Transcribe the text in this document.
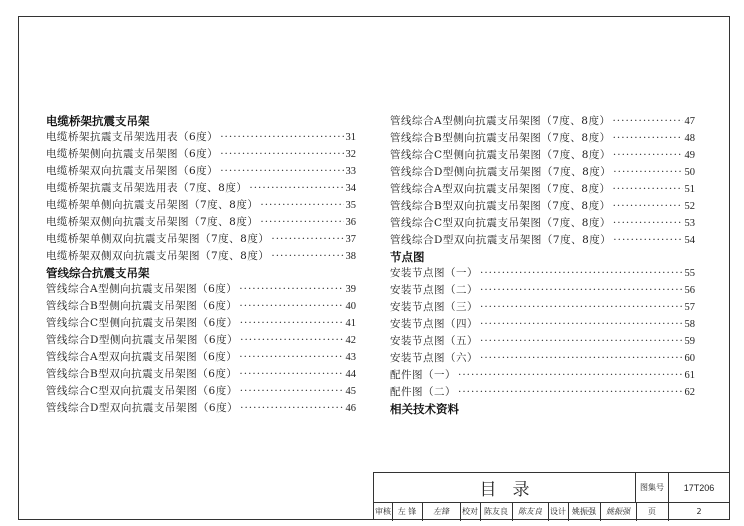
电缆桥架抗震支吊架
电缆桥架抗震支吊架选用表（6度） ·····	31
电缆桥架侧向抗震支吊架图（6度） ·····	32
电缆桥架双向抗震支吊架图（6度） ·····	33
电缆桥架抗震支吊架选用表（7度、8度） ·····	34
电缆桥架单侧向抗震支吊架图（7度、8度） ·····	35
电缆桥架双侧向抗震支吊架图（7度、8度） ·····	36
电缆桥架单侧双向抗震支吊架图（7度、8度） ·····	37
电缆桥架双侧双向抗震支吊架图（7度、8度） ·····	38
管线综合抗震支吊架
管线综合A型侧向抗震支吊架图（6度） ·····	39
管线综合B型侧向抗震支吊架图（6度） ·····	40
管线综合C型侧向抗震支吊架图（6度） ·····	41
管线综合D型侧向抗震支吊架图（6度） ·····	42
管线综合A型双向抗震支吊架图（6度） ·····	43
管线综合B型双向抗震支吊架图（6度） ·····	44
管线综合C型双向抗震支吊架图（6度） ·····	45
管线综合D型双向抗震支吊架图（6度） ·····	46
管线综合A型侧向抗震支吊架图（7度、8度） ·····	47
管线综合B型侧向抗震支吊架图（7度、8度） ·····	48
管线综合C型侧向抗震支吊架图（7度、8度） ·····	49
管线综合D型侧向抗震支吊架图（7度、8度） ·····	50
管线综合A型双向抗震支吊架图（7度、8度） ·····	51
管线综合B型双向抗震支吊架图（7度、8度） ·····	52
管线综合C型双向抗震支吊架图（7度、8度） ·····	53
管线综合D型双向抗震支吊架图（7度、8度） ·····	54
节点图
安装节点图（一） ·····	55
安装节点图（二） ·····	56
安装节点图（三） ·····	57
安装节点图（四） ·····	58
安装节点图（五） ·····	59
安装节点图（六） ·····	60
配件图（一） ·····	61
配件图（二） ·····	62
相关技术资料
目录	图集号	17T206
审核 左 锋	左锋	校对 陈友良	陈友良	设计 姚振强	姚振强	页	2
